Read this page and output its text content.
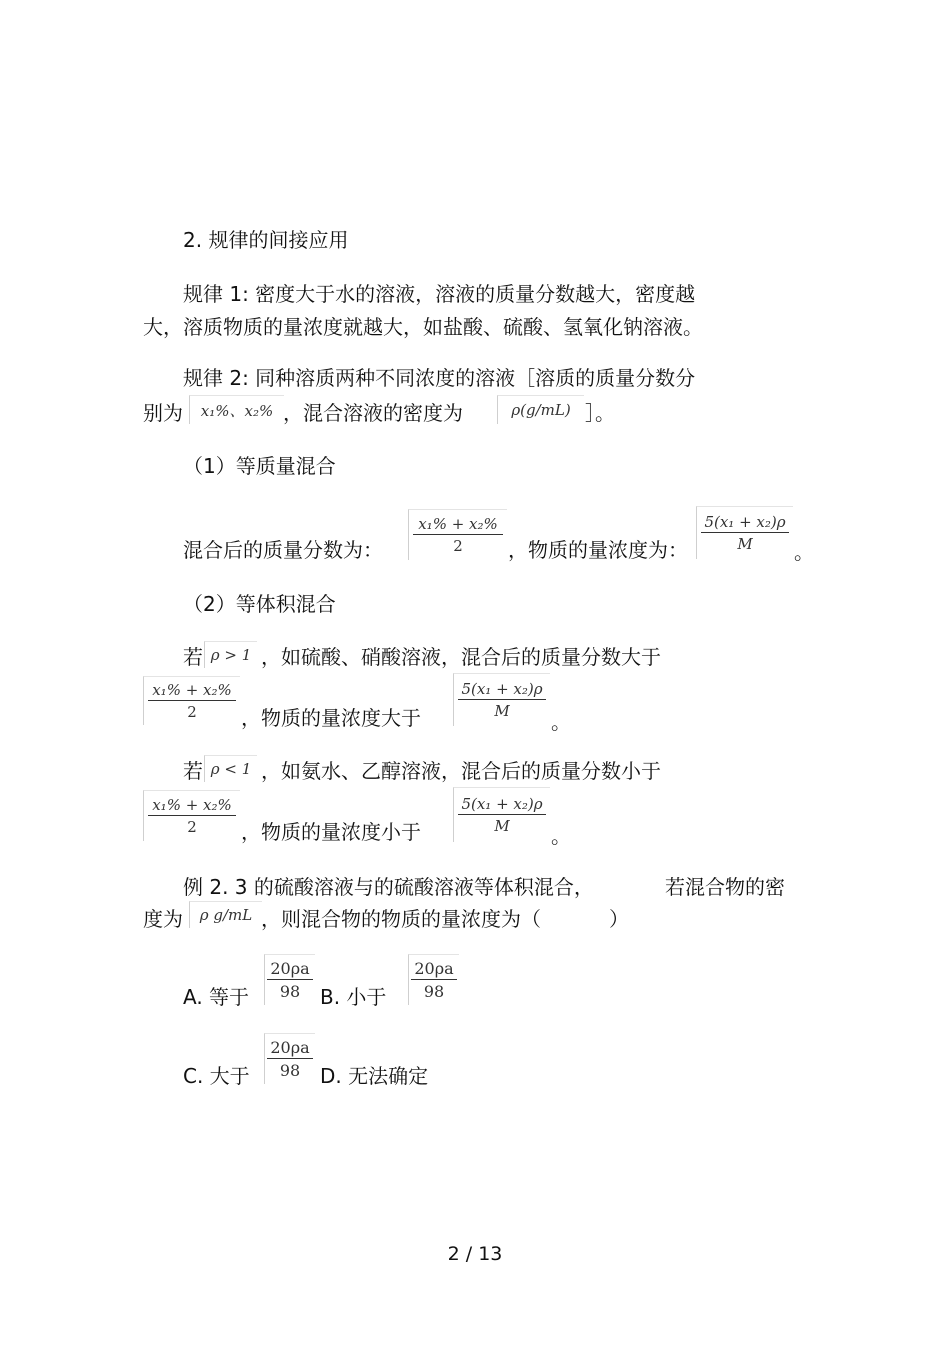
2. 规律的间接应用
规律 1: 密度大于水的溶液，溶液的质量分数越大，密度越
大，溶质物质的量浓度就越大，如盐酸、硫酸、氢氧化钠溶液。
规律 2: 同种溶质两种不同浓度的溶液［溶质的质量分数分
别为	x₁%、x₂% ，混合溶液的密度为	ρ(g/mL) ］。
（1）等质量混合
混合后的质量分数为：
x₁% + x₂%
2 ，物质的量浓度为：
5(x₁ + x₂)ρ
M 。
（2）等体积混合
若 ρ > 1 ，如硫酸、硝酸溶液，混合后的质量分数大于
x₁% + x₂%
2 ，物质的量浓度大于
5(x₁ + x₂)ρ
M 。
若 ρ < 1 ，如氨水、乙醇溶液，混合后的质量分数小于
x₁% + x₂%
2 ，物质的量浓度小于
5(x₁ + x₂)ρ
M 。
例 2. 3 的硫酸溶液与的硫酸溶液等体积混合，	若混合物的密
度为	ρ g/mL ，则混合物的物质的量浓度为（	）
A. 等于
20ρa
98 B. 小于
20ρa
98
C. 大于
20ρa
98 D. 无法确定
2 / 13
